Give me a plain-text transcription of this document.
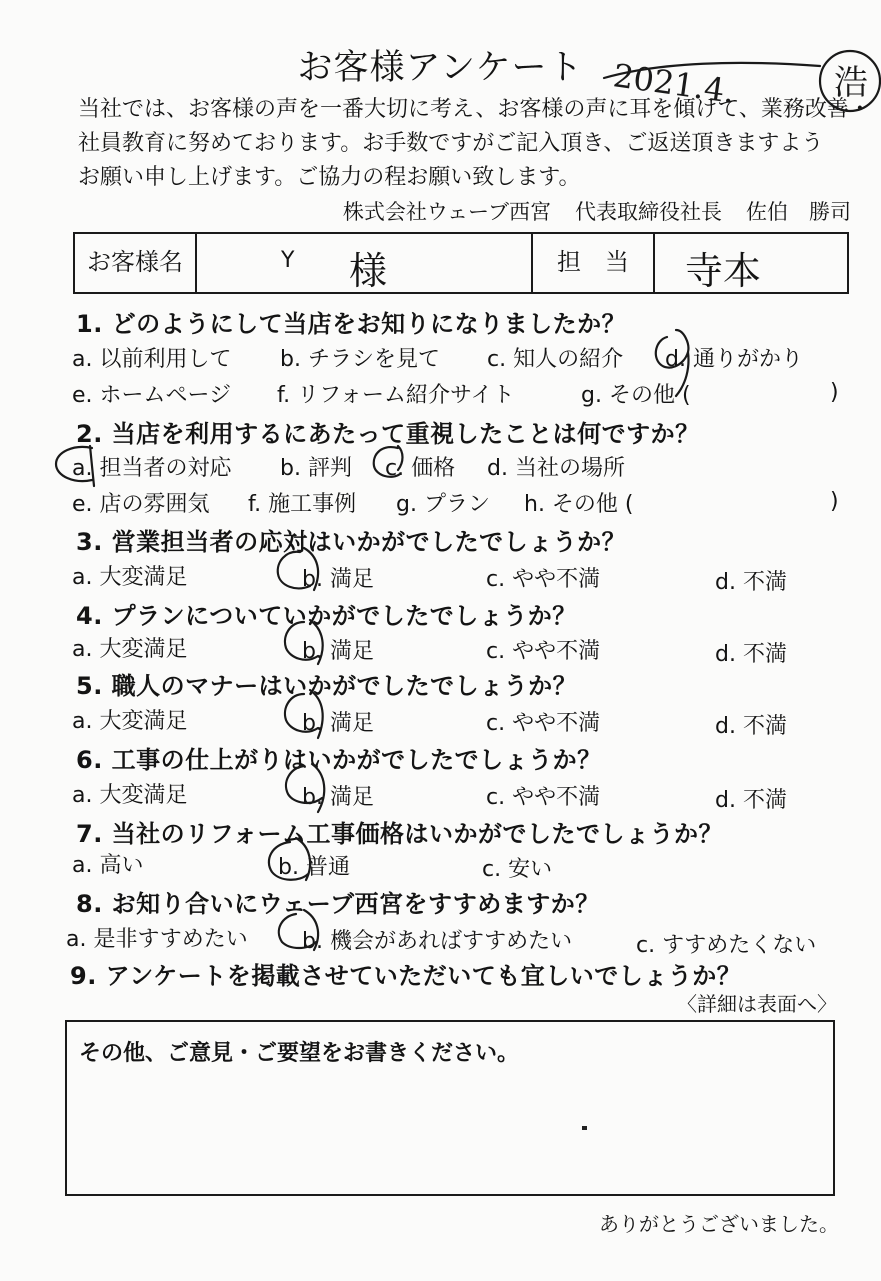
お客様アンケート
当社では、お客様の声を一番大切に考え、お客様の声に耳を傾けて、業務改善・
社員教育に努めております。お手数ですがご記入頂き、ご返送頂きますよう
お願い申し上げます。ご協力の程お願い致します。
株式会社ウェーブ西宮 代表取締役社長 佐伯　勝司
お客様名	Y 様	担　当	寺本
1. どのようにして当店をお知りになりましたか？
a. 以前利用して b. チラシを見て c. 知人の紹介 d. 通りがかり
e. ホームページ f. リフォーム紹介サイト	g. その他 (	)
2. 当店を利用するにあたって重視したことは何ですか？
a. 担当者の対応 b. 評判 c. 価格 d. 当社の場所
e. 店の雰囲気 f. 施工事例 g. プラン h. その他 (	)
3. 営業担当者の応対はいかがでしたでしょうか？
a. 大変満足	b. 満足	c. やや不満	d. 不満
4. プランについていかがでしたでしょうか？
a. 大変満足	b. 満足	c. やや不満	d. 不満
5. 職人のマナーはいかがでしたでしょうか？
a. 大変満足	b. 満足	c. やや不満	d. 不満
6. 工事の仕上がりはいかがでしたでしょうか？
a. 大変満足	b. 満足	c. やや不満	d. 不満
7. 当社のリフォーム工事価格はいかがでしたでしょうか？
a. 高い	b. 普通	c. 安い
8. お知り合いにウェーブ西宮をすすめますか？
a. 是非すすめたい b. 機会があればすすめたい	c. すすめたくない
9. アンケートを掲載させていただいても宜しいでしょうか？
〈詳細は表面へ〉
その他、ご意見・ご要望をお書きください。
ありがとうございました。
2021.4.	浩
